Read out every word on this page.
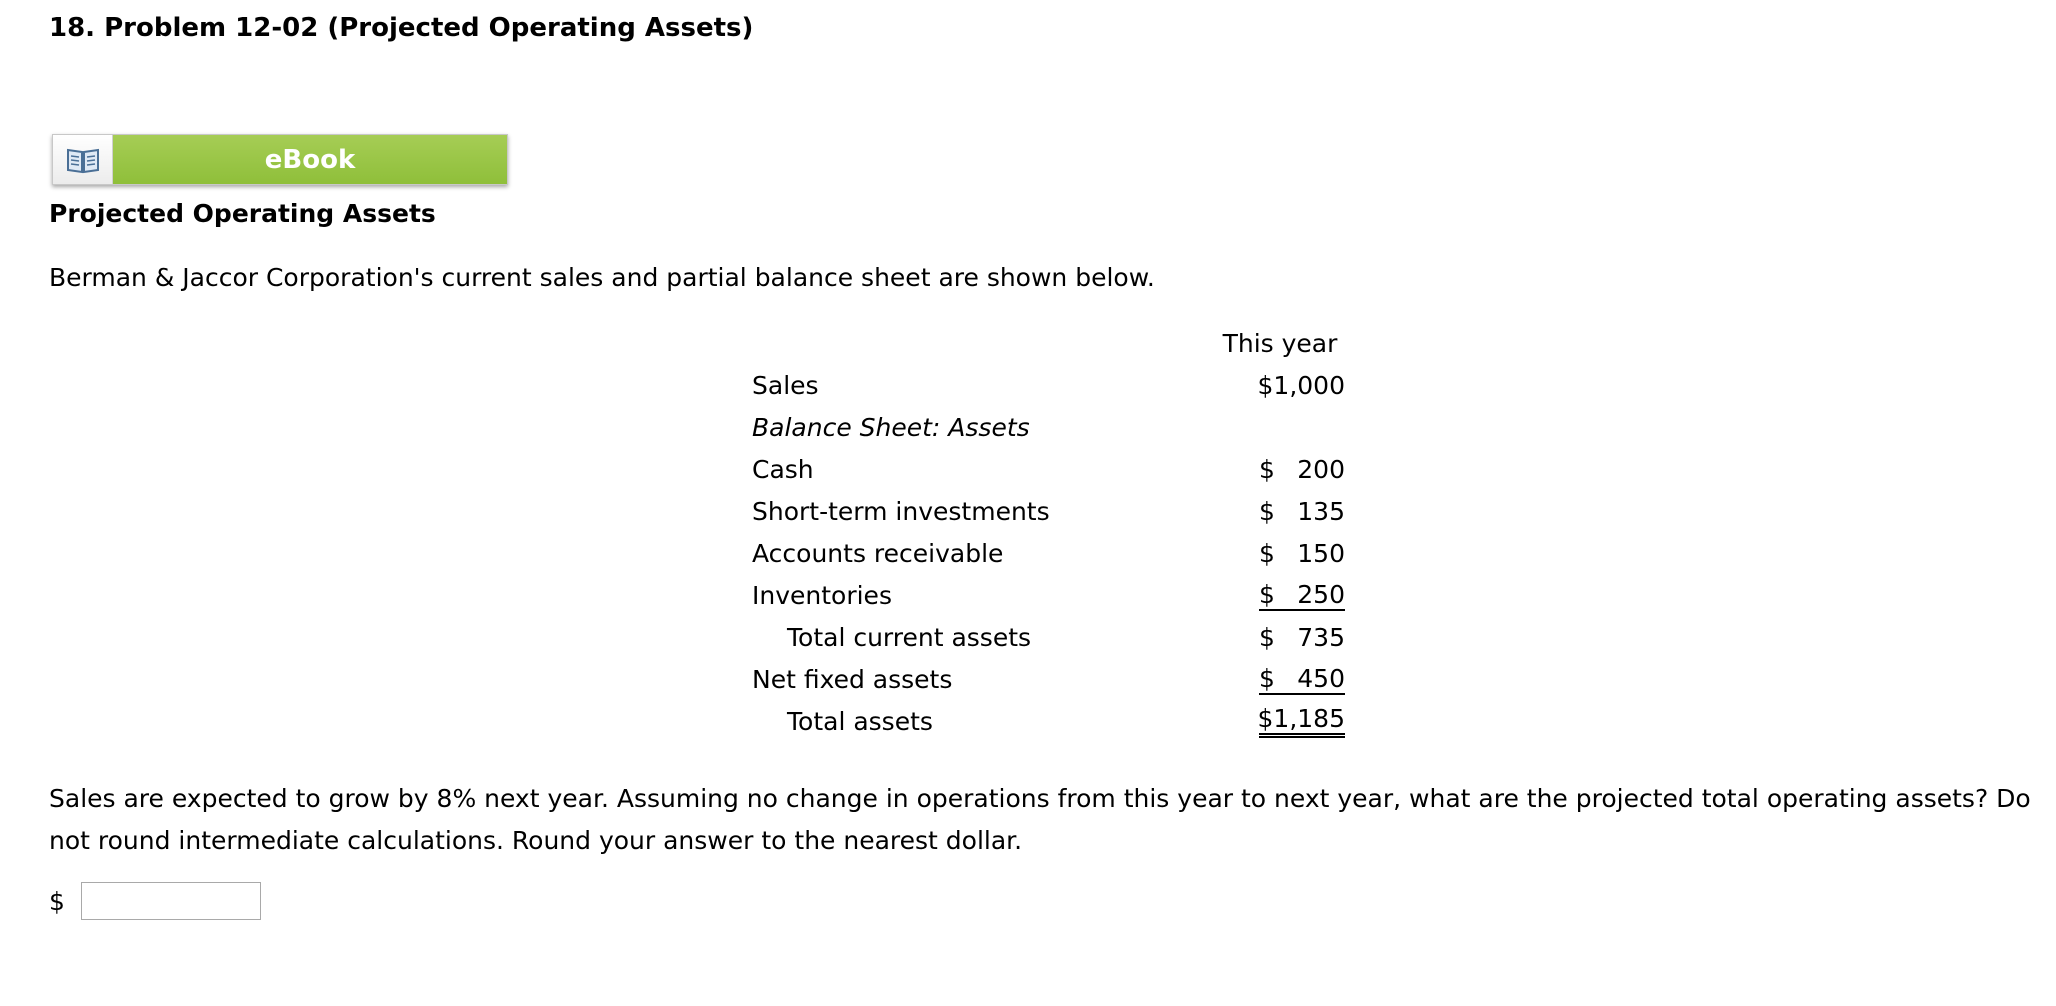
18. Problem 12-02 (Projected Operating Assets)
eBook
Projected Operating Assets
Berman & Jaccor Corporation's current sales and partial balance sheet are shown below.
	This year
Sales	$1,000
Balance Sheet: Assets	
Cash	$ 200

Short-term investments	$ 135

Accounts receivable	$ 150

Inventories	$ 250

Total current assets	$ 735

Net fixed assets	$ 450

Total assets	$1,185
Sales are expected to grow by 8% next year. Assuming no change in operations from this year to next year, what are the projected total operating assets? Do not round intermediate calculations. Round your answer to the nearest dollar.
$
